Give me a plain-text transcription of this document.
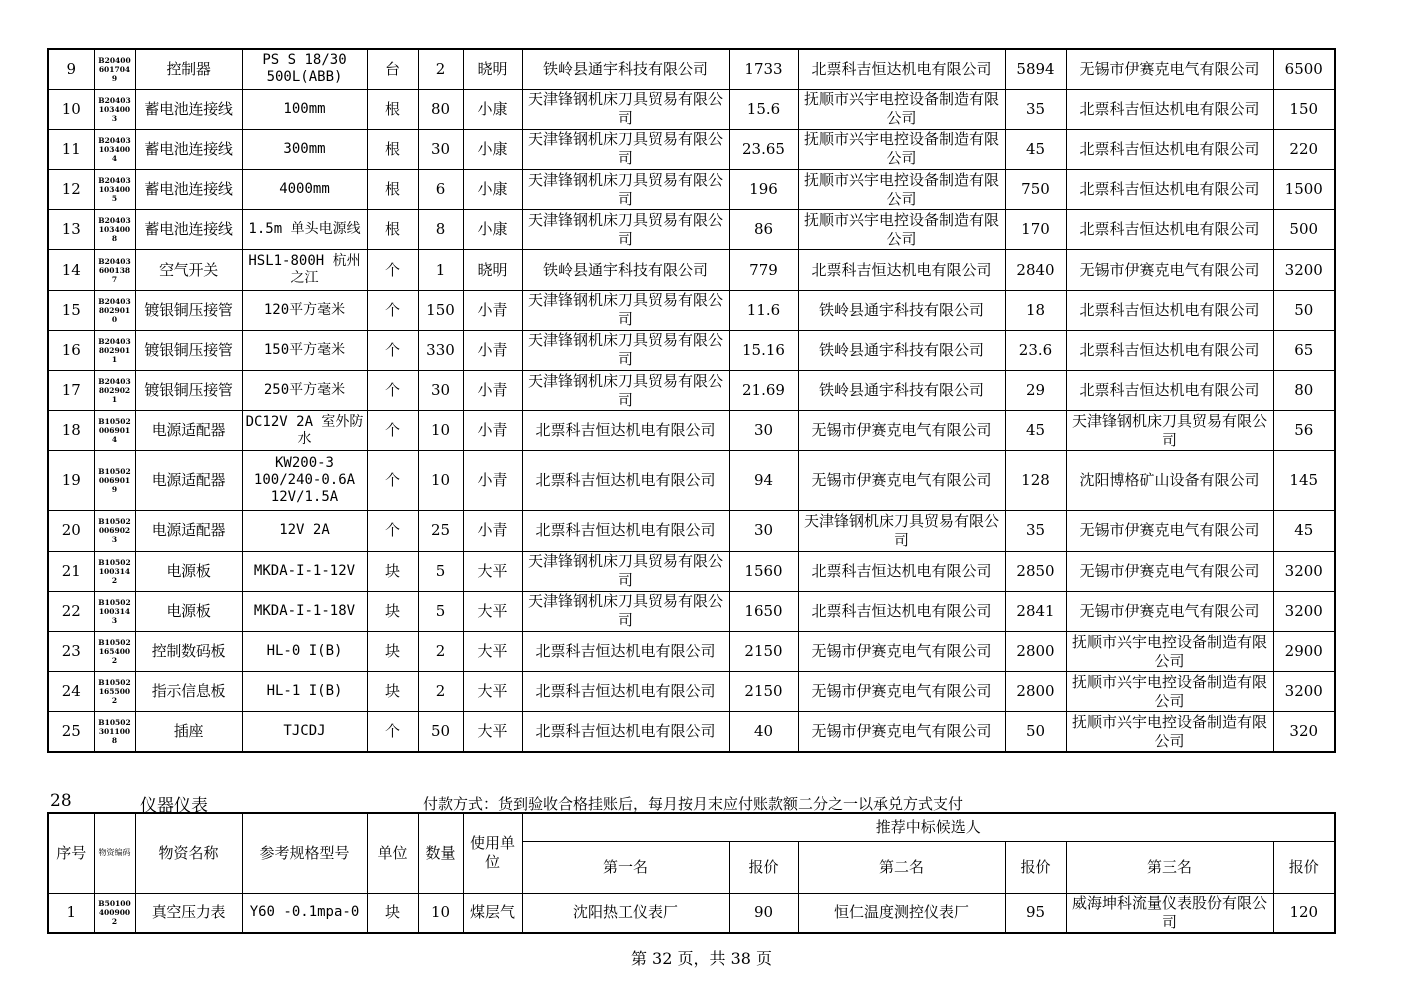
9	B204006017049	控制器	PS S 18/30 500L(ABB)	台	2	晓明	铁岭县通宇科技有限公司	1733	北票科吉恒达机电有限公司	5894	无锡市伊赛克电气有限公司	6500
10	B204031034003	蓄电池连接线	100mm	根	80	小康	天津锋钢机床刀具贸易有限公司	15.6	抚顺市兴宇电控设备制造有限公司	35	北票科吉恒达机电有限公司	150
11	B204031034004	蓄电池连接线	300mm	根	30	小康	天津锋钢机床刀具贸易有限公司	23.65	抚顺市兴宇电控设备制造有限公司	45	北票科吉恒达机电有限公司	220
12	B204031034005	蓄电池连接线	4000mm	根	6	小康	天津锋钢机床刀具贸易有限公司	196	抚顺市兴宇电控设备制造有限公司	750	北票科吉恒达机电有限公司	1500
13	B204031034008	蓄电池连接线	1.5m 单头电源线	根	8	小康	天津锋钢机床刀具贸易有限公司	86	抚顺市兴宇电控设备制造有限公司	170	北票科吉恒达机电有限公司	500
14	B204036001387	空气开关	HSL1-800H 杭州之江	个	1	晓明	铁岭县通宇科技有限公司	779	北票科吉恒达机电有限公司	2840	无锡市伊赛克电气有限公司	3200
15	B204038029010	镀银铜压接管	120平方毫米	个	150	小青	天津锋钢机床刀具贸易有限公司	11.6	铁岭县通宇科技有限公司	18	北票科吉恒达机电有限公司	50
16	B204038029011	镀银铜压接管	150平方毫米	个	330	小青	天津锋钢机床刀具贸易有限公司	15.16	铁岭县通宇科技有限公司	23.6	北票科吉恒达机电有限公司	65
17	B204038029021	镀银铜压接管	250平方毫米	个	30	小青	天津锋钢机床刀具贸易有限公司	21.69	铁岭县通宇科技有限公司	29	北票科吉恒达机电有限公司	80
18	B105020069014	电源适配器	DC12V 2A 室外防水	个	10	小青	北票科吉恒达机电有限公司	30	无锡市伊赛克电气有限公司	45	天津锋钢机床刀具贸易有限公司	56
19	B105020069019	电源适配器	KW200-3 100/240-0.6A 12V/1.5A	个	10	小青	北票科吉恒达机电有限公司	94	无锡市伊赛克电气有限公司	128	沈阳博格矿山设备有限公司	145
20	B105020069023	电源适配器	12V 2A	个	25	小青	北票科吉恒达机电有限公司	30	天津锋钢机床刀具贸易有限公司	35	无锡市伊赛克电气有限公司	45
21	B105021003142	电源板	MKDA-I-1-12V	块	5	大平	天津锋钢机床刀具贸易有限公司	1560	北票科吉恒达机电有限公司	2850	无锡市伊赛克电气有限公司	3200
22	B105021003143	电源板	MKDA-I-1-18V	块	5	大平	天津锋钢机床刀具贸易有限公司	1650	北票科吉恒达机电有限公司	2841	无锡市伊赛克电气有限公司	3200
23	B105021654002	控制数码板	HL-0 I(B)	块	2	大平	北票科吉恒达机电有限公司	2150	无锡市伊赛克电气有限公司	2800	抚顺市兴宇电控设备制造有限公司	2900
24	B105021655002	指示信息板	HL-1 I(B)	块	2	大平	北票科吉恒达机电有限公司	2150	无锡市伊赛克电气有限公司	2800	抚顺市兴宇电控设备制造有限公司	3200
25	B105023011008	插座	TJCDJ	个	50	大平	北票科吉恒达机电有限公司	40	无锡市伊赛克电气有限公司	50	抚顺市兴宇电控设备制造有限公司	320
28	仪器仪表	付款方式：货到验收合格挂账后，每月按月末应付账款额二分之一以承兑方式支付
序号	物资编码	物资名称	参考规格型号	单位	数量	使用单位	推荐中标候选人					
							第一名	报价	第二名	报价	第三名	报价
1	B501004009002	真空压力表	Y60 -0.1mpa-0	块	10	煤层气	沈阳热工仪表厂	90	恒仁温度测控仪表厂	95	威海坤科流量仪表股份有限公司	120
第 32 页，共 38 页
